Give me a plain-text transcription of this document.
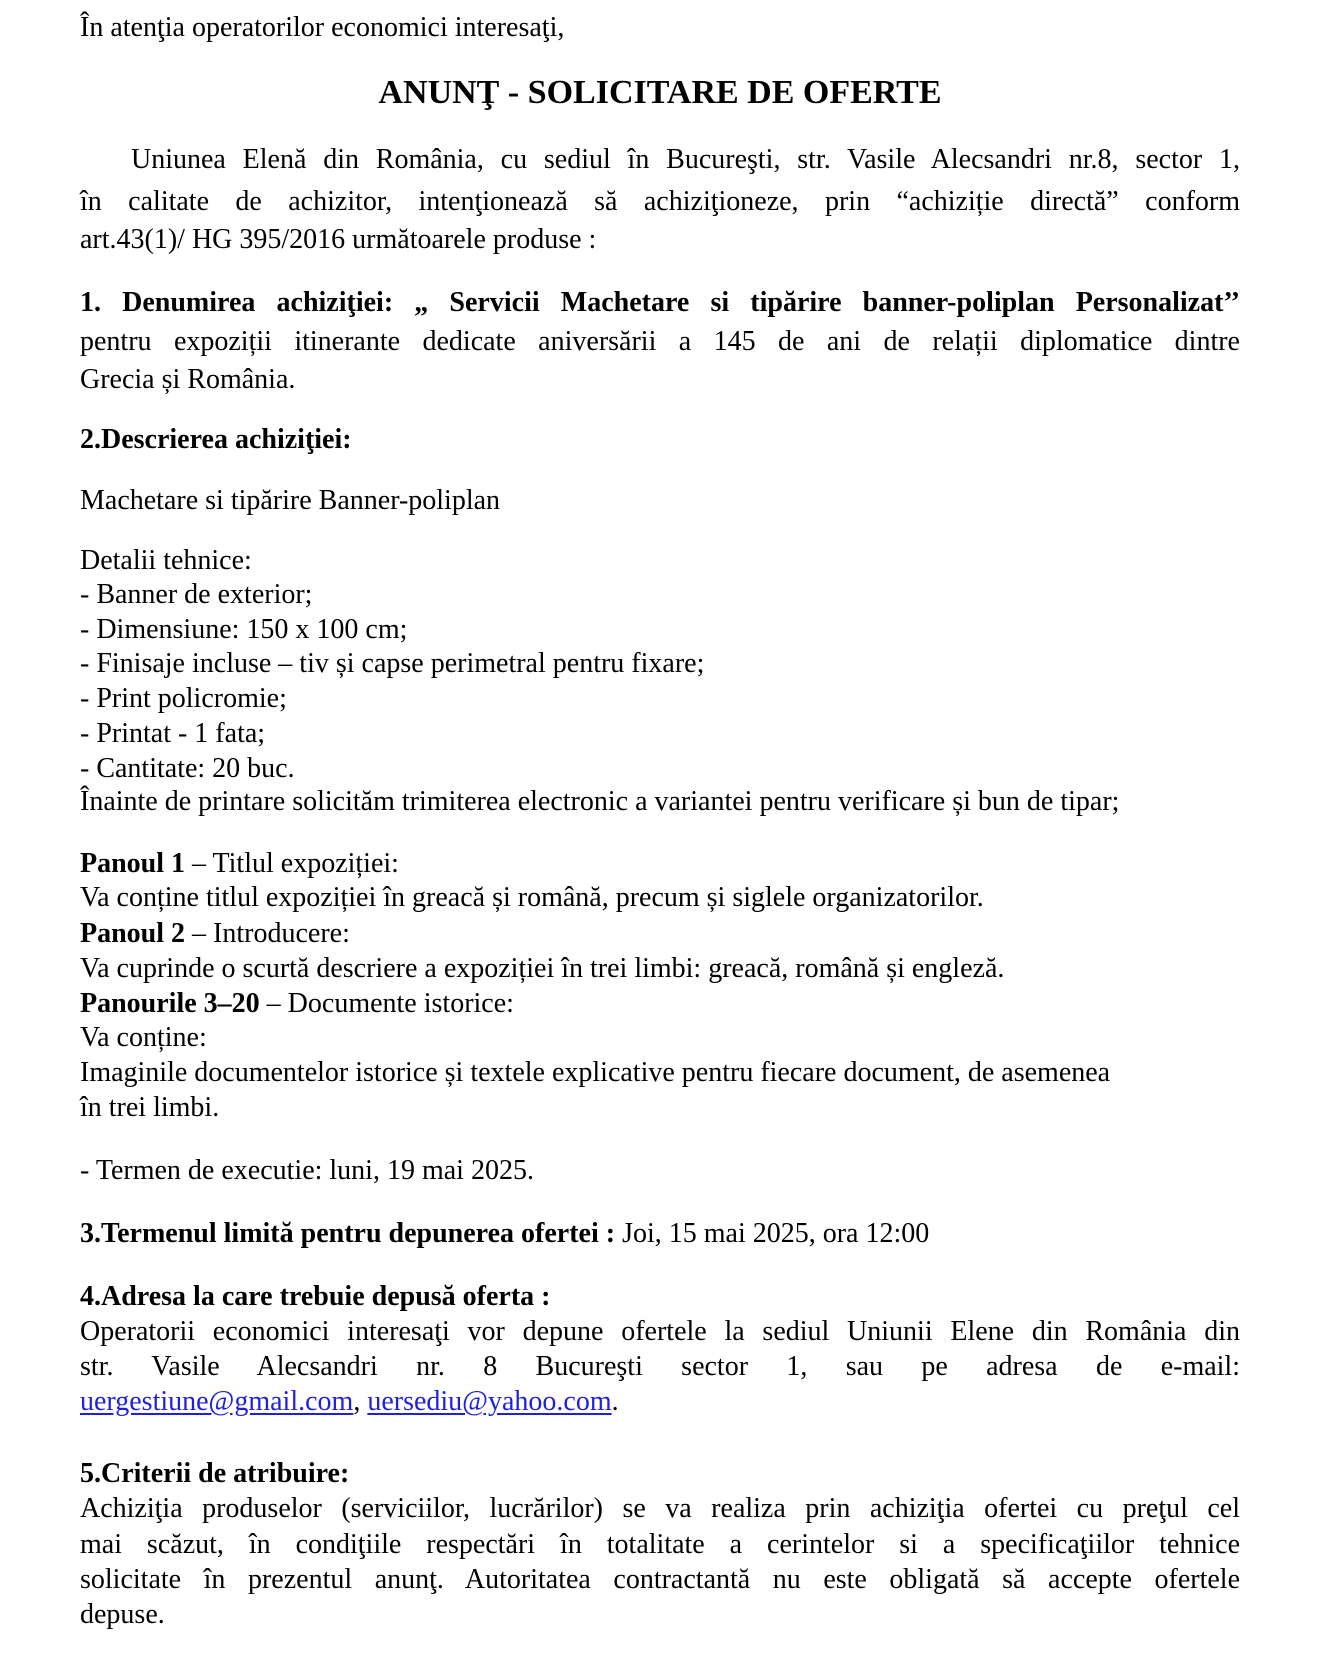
În atenţia operatorilor economici interesaţi,
ANUNŢ - SOLICITARE DE OFERTE
Uniunea Elenă din România, cu sediul în Bucureşti, str. Vasile Alecsandri nr.8, sector 1,
în calitate de achizitor, intenţionează să achiziţioneze, prin “achiziție directă” conform
art.43(1)/ HG 395/2016 următoarele produse :
1. Denumirea achiziţiei: „ Servicii Machetare si tipărire banner-poliplan Personalizat’’
pentru expoziții itinerante dedicate aniversării a 145 de ani de relații diplomatice dintre
Grecia și România.
2.Descrierea achiziţiei:
Machetare si tipărire Banner-poliplan
Detalii tehnice:
- Banner de exterior;
- Dimensiune: 150 x 100 cm;
- Finisaje incluse – tiv și capse perimetral pentru fixare;
- Print policromie;
- Printat - 1 fata;
- Cantitate: 20 buc.
Înainte de printare solicităm trimiterea electronic a variantei pentru verificare și bun de tipar;
Panoul 1 – Titlul expoziției:
Va conține titlul expoziției în greacă și română, precum și siglele organizatorilor.
Panoul 2 – Introducere:
Va cuprinde o scurtă descriere a expoziției în trei limbi: greacă, română și engleză.
Panourile 3–20 – Documente istorice:
Va conține:
Imaginile documentelor istorice și textele explicative pentru fiecare document, de asemenea
în trei limbi.
- Termen de executie: luni, 19 mai 2025.
3.Termenul limită pentru depunerea ofertei : Joi, 15 mai 2025, ora 12:00
4.Adresa la care trebuie depusă oferta :
Operatorii economici interesaţi vor depune ofertele la sediul Uniunii Elene din România din
str. Vasile Alecsandri nr. 8 Bucureşti sector 1, sau pe adresa de e-mail:
uergestiune@gmail.com, uersediu@yahoo.com.
5.Criterii de atribuire:
Achiziţia produselor (serviciilor, lucrărilor) se va realiza prin achiziţia ofertei cu preţul cel
mai scăzut, în condiţiile respectări în totalitate a cerintelor si a specificaţiilor tehnice
solicitate în prezentul anunţ. Autoritatea contractantă nu este obligată să accepte ofertele
depuse.
